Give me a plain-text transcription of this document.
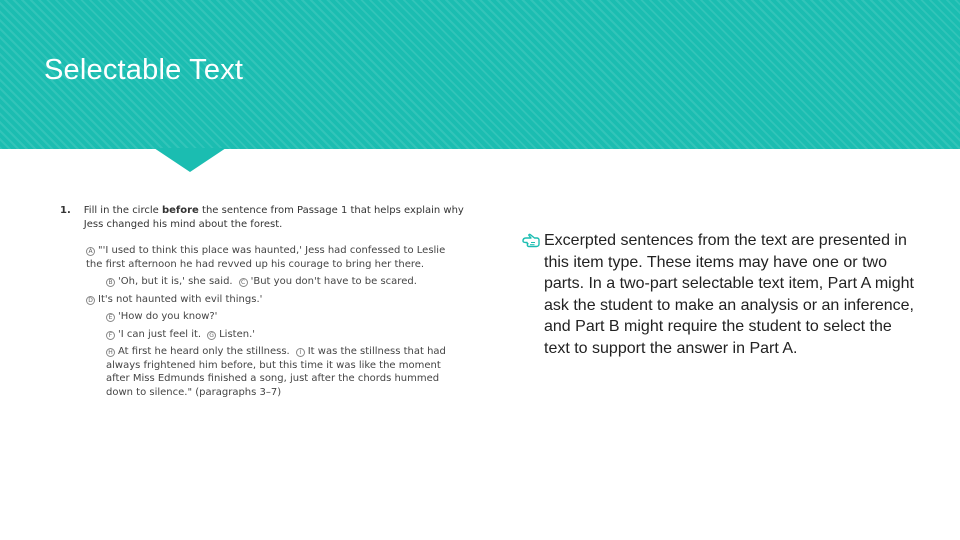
Selectable Text
1.	Fill in the circle before the sentence from Passage 1 that helps explain why Jess changed his mind about the forest.
A "'I used to think this place was haunted,' Jess had confessed to Leslie the first afternoon he had revved up his courage to bring her there.
B 'Oh, but it is,' she said. C 'But you don't have to be scared.
D It's not haunted with evil things.'
E 'How do you know?'
F 'I can just feel it. G Listen.'
H At first he heard only the stillness. I It was the stillness that had always frightened him before, but this time it was like the moment after Miss Edmunds finished a song, just after the chords hummed down to silence." (paragraphs 3–7)
Excerpted sentences from the text are presented in this item type. These items may have one or two parts. In a two-part selectable text item, Part A might ask the student to make an analysis or an inference, and Part B might require the student to select the text to support the answer in Part A.
